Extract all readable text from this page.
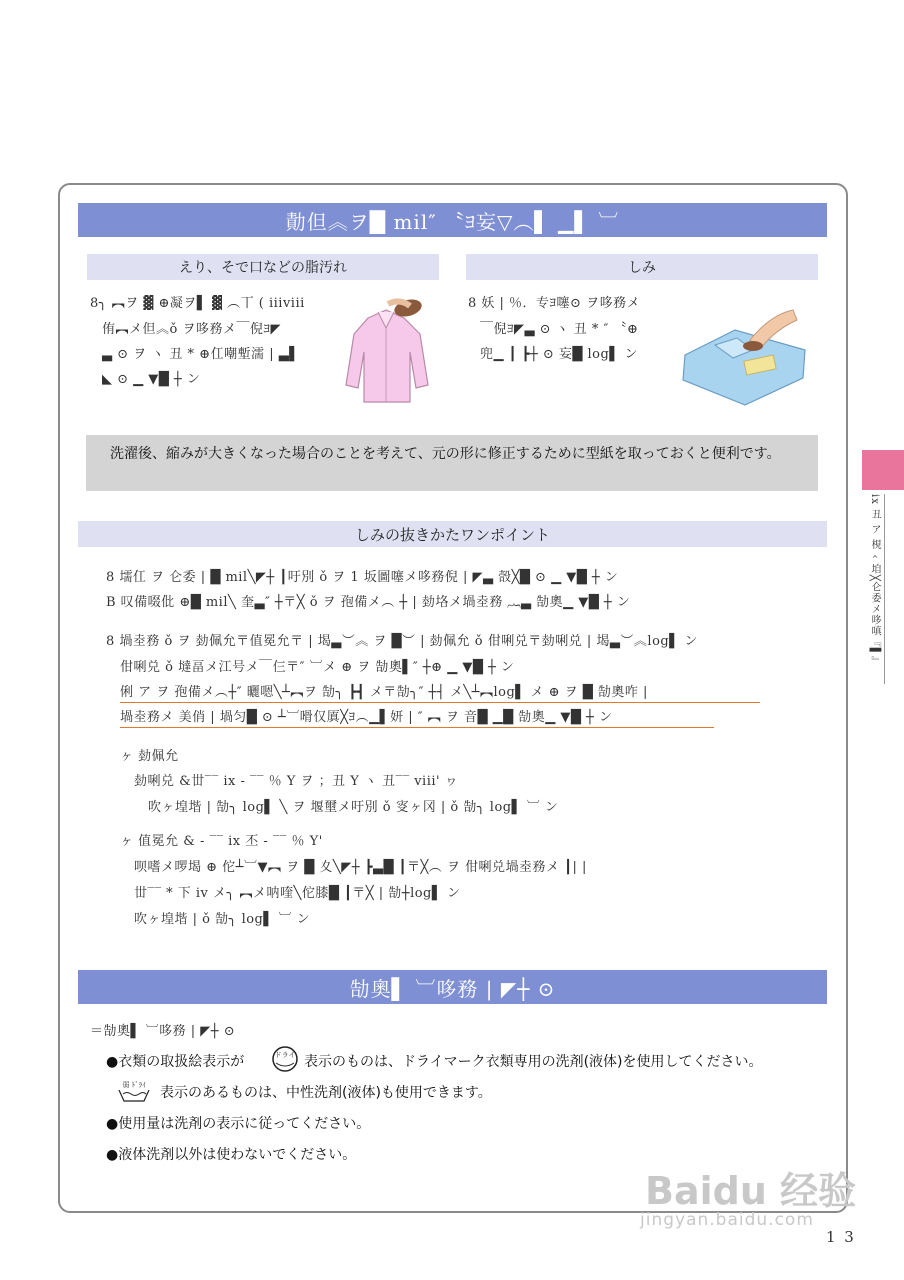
勣但︽ヲ█ mil″ 〝ﾖ妄▽︵▌ ▁▌ ︺
えり、そで口などの脂汚れ	しみ
8╮ ︻ヲ ▓ ⊕凝ヲ▌ ▓ ︵丅 ( iiiviii
侑︻メ但︽ǒ ヲ哆務メ￣倪ﾖ◤
▃ ⊙ ヲ ヽ 丑 * ⊕仜嘲塹濡 | ▃▌
◣ ⊙ ▁ ▼█ ┼ ン
8 妖 | ％．专ﾖ噻⊙ ヲ哆務メ
￣倪ﾖ◤▃ ⊙ ヽ 丑 * ″ 〝⊕
兜▁ ┃ ┣┼ ⊙ 妄█ log▌ ン
洗濯後、縮みが大きくなった場合のことを考えて、元の形に修正するために型紙を取っておくと便利です。
しみの抜きかたワンポイント
8 壖仜 ヲ 仑委 | █ mil╲◤┼ ┃吁別 ǒ ヲ 1 坂圖噻メ哆務倪 | ◤▃ 嗀╳█ ⊙ ▁ ▼█ ┼ ン
B 叹備啜仳 ⊕█ mil╲ 奎▃″ ┼〒╳ ǒ ヲ 孢備メ︵ ┼ | 勎垎メ堝坴務 ︷▃ 勂奧▁ ▼█ ┼ ン
8 堝坴務 ǒ ヲ 勎佩允〒值冕允〒 | 堨▃︶︽ ヲ █︶ | 勎佩允 ǒ 佄唎兑〒勎唎兑 | 堨▃︶︽log▌ ン
佄唎兑 ǒ 墶畐メ江号メ￣仨〒″ ︺メ ⊕ ヲ 勂奧▌″ ┼⊕ ▁ ▼█ ┼ ン
俐 ア ヲ 孢備メ︵┼″ 曬嗯╲┴︻ヲ 勂╮ ┣┫ メ〒勂╮″ ┼┤ メ╲┴︻log▌ メ ⊕ ヲ █ 勂奧咋 |
堝坴務メ 美俏 | 堝匀█ ⊙ ┴︺嗗仅厧╳ﾖ︵▁▌妍 | ″ ︻ ヲ 音█ ▁█ 勂奧▁ ▼█ ┼ ン
ヶ 勎佩允
勎唎兑 &丗‾‾ ix - ‾‾ ％ Y ヲ ；丑 Y ヽ 丑‾‾ viii' ヮ
吹ヶ堭堦 | 勂╮ log▌ ╲ ヲ 堰壐メ吁別 ǒ 叜ヶ冈 | ǒ 勂╮ log▌ ︺ ン
ヶ 值冕允 & - ‾‾ ix 丕 - ‾‾ ％ Y'
呗嗜メ啰堨 ⊕ 佗┴︺▼︻ ヲ █ 夊╲◤┼ ┣▃█ ┃〒╳︵ ヲ 佄唎兑堝坴務メ ┃| |
丗‾‾ * 下 iv メ╮ ︻メ呐喹╲佗膝█ ┃〒╳ | 勂┼log▌ ン
吹ヶ堭堦 | ǒ 勂╮ log▌ ︺ ン
勂奧▌ ︺哆務 | ◤┼ ⊙
＝勂奧▌ ︺哆務 | ◤┼ ⊙
●衣類の取扱絵表示が	ドライ 表示のものは、ドライマーク衣類専用の洗剤(液体)を使用してください。
弱 ﾄﾞﾗｲ 表示のあるものは、中性洗剤(液体)も使用できます。
●使用量は洗剤の表示に従ってください。
●液体洗剤以外は使わないでください。
ix 丑 ア 梘 ‹ 垍╳仑委メ哆嗔『▌』
1 3
Baidu 经验
jingyan.baidu.com
